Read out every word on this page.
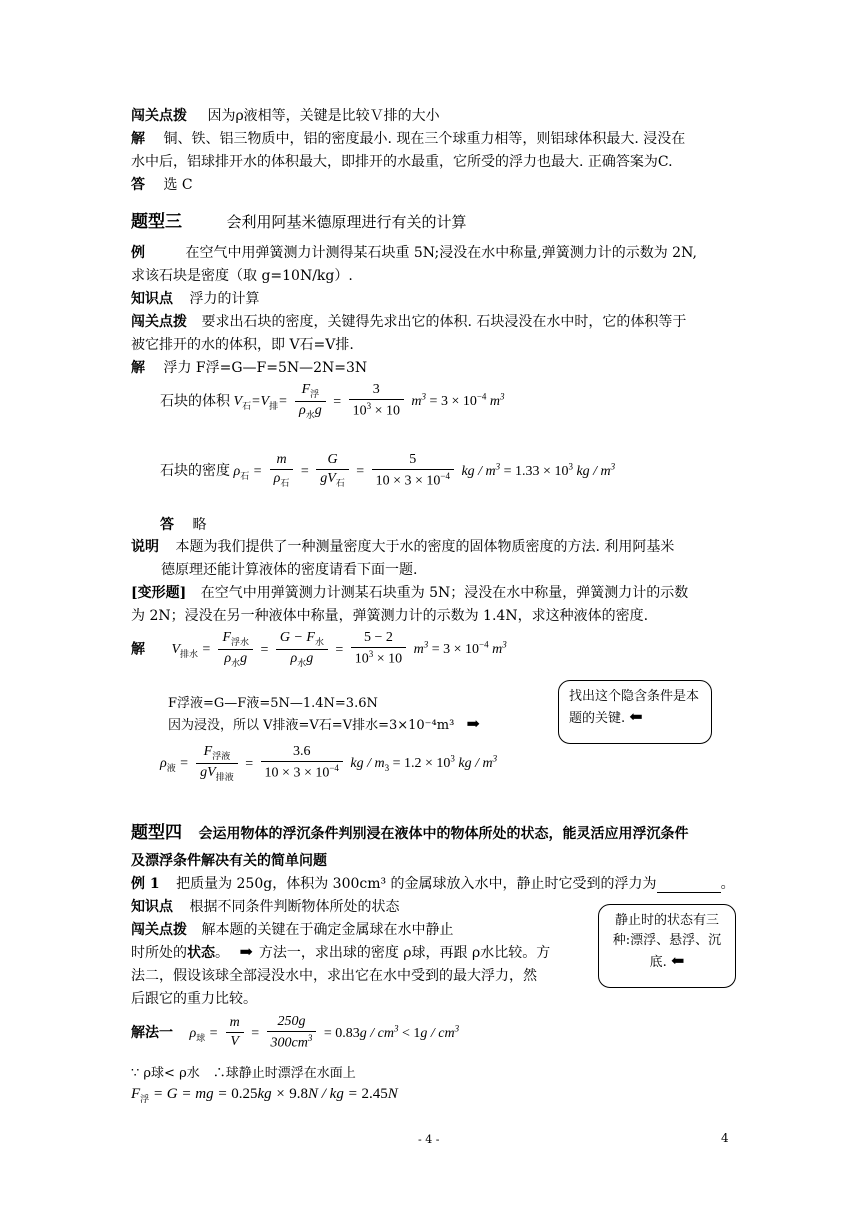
闯关点拨 因为ρ液相等，关键是比较Ｖ排的大小
解 铜、铁、铝三物质中，铝的密度最小. 现在三个球重力相等，则铝球体积最大. 浸没在
水中后，铝球排开水的体积最大，即排开的水最重，它所受的浮力也最大. 正确答案为C.
答 选 C
题型三	会利用阿基米德原理进行有关的计算
例	在空气中用弹簧测力计测得某石块重 5N;浸没在水中称量,弹簧测力计的示数为 2N,
求该石块是密度（取 g=10N/kg）.
知识点 浮力的计算
闯关点拨 要求出石块的密度，关键得先求出它的体积. 石块浸没在水中时，它的体积等于
被它排开的水的体积，即 V石=V排.
解 浮力 F浮=G—F=5N—2N=3N
石块的体积 $V_石=V_排= \frac{F_浮}{\rho_水g} = \frac{3}{10^3 \times 10} m^3 = 3 \times 10^{-4}$ $m^3$
石块的密度 $\rho_石 = \frac{m}{\rho_石} = \frac{G}{gV_石} = \frac{5}{10 \times 3 \times 10^{-4}}$ kg / $m^3 = 1.33 \times 10^3$ kg / $m^3$
答 略
说明 本题为我们提供了一种测量密度大于水的密度的固体物质密度的方法. 利用阿基米
德原理还能计算液体的密度请看下面一题.
[变形题] 在空气中用弹簧测力计测某石块重为 5N；浸没在水中称量，弹簧测力计的示数
为 2N；浸没在另一种液体中称量，弹簧测力计的示数为 1.4N，求这种液体的密度.
解 $V_{排水} = \frac{F_{浮水}}{\rho_水g} = \frac{G - F_水}{\rho_水g} = \frac{5 - 2}{10^3 \times 10} m^3 = 3 \times 10^{-4}$ $m^3$
F浮液=G—F液=5N—1.4N=3.6N
因为浸没，所以 V排液=V石=V排水=3×10⁻⁴m³ ➡
$\rho_液 = \frac{F_{浮液}}{gV_{排液}} = \frac{3.6}{10 \times 3 \times 10^{-4}}$ kg / $m_3 = 1.2 \times 10^3$ kg / $m^3$
找出这个隐含条件是本题的关键. ⬅
题型四 会运用物体的浮沉条件判别浸在液体中的物体所处的状态，能灵活应用浮沉条件
及漂浮条件解决有关的简单问题
例 1 把质量为 250g，体积为 300cm³ 的金属球放入水中，静止时它受到的浮力为	。
知识点 根据不同条件判断物体所处的状态
闯关点拨 解本题的关键在于确定金属球在水中静止
时所处的状态。 ➡ 方法一，求出球的密度 ρ球，再跟 ρ水比较。方
法二，假设该球全部浸没水中，求出它在水中受到的最大浮力，然
后跟它的重力比较。
静止时的状态有三种:漂浮、悬浮、沉底. ⬅
解法一 $\rho_球 = \frac{m}{V} = \frac{250g}{300cm^3} = 0.83g / cm^3 < 1g / cm^3$
∵ ρ球< ρ水　∴球静止时漂浮在水面上
$F_浮 = G$ = mg = 0.25kg × 9.8N / kg = 2.45N
- 4 -	4
